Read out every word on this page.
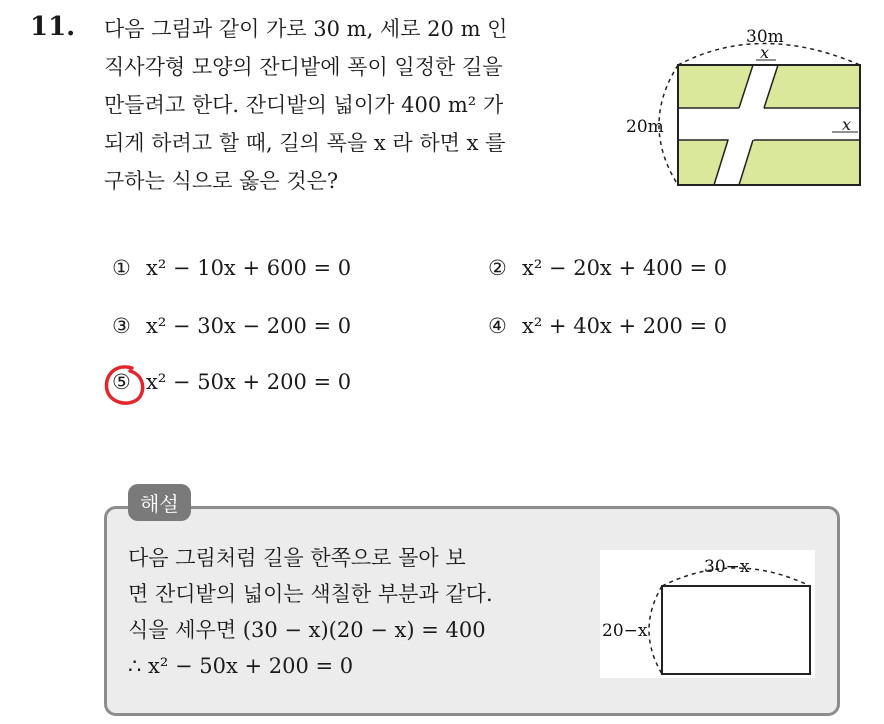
11. 다음 그림과 같이 가로 30 m, 세로 20 m 인
직사각형 모양의 잔디밭에 폭이 일정한 길을
만들려고 한다. 잔디밭의 넓이가 400 m² 가
되게 하려고 할 때, 길의 폭을 x 라 하면 x 를
구하는 식으로 옳은 것은?
30m
20m
x
x
① x² − 10x + 600 = 0	② x² − 20x + 400 = 0
③ x² − 30x − 200 = 0	④ x² + 40x + 200 = 0
⑤ x² − 50x + 200 = 0
해설
다음 그림처럼 길을 한쪽으로 몰아 보
면 잔디밭의 넓이는 색칠한 부분과 같다.
식을 세우면 (30 − x)(20 − x) = 400
∴ x² − 50x + 200 = 0
30−x
20−x
